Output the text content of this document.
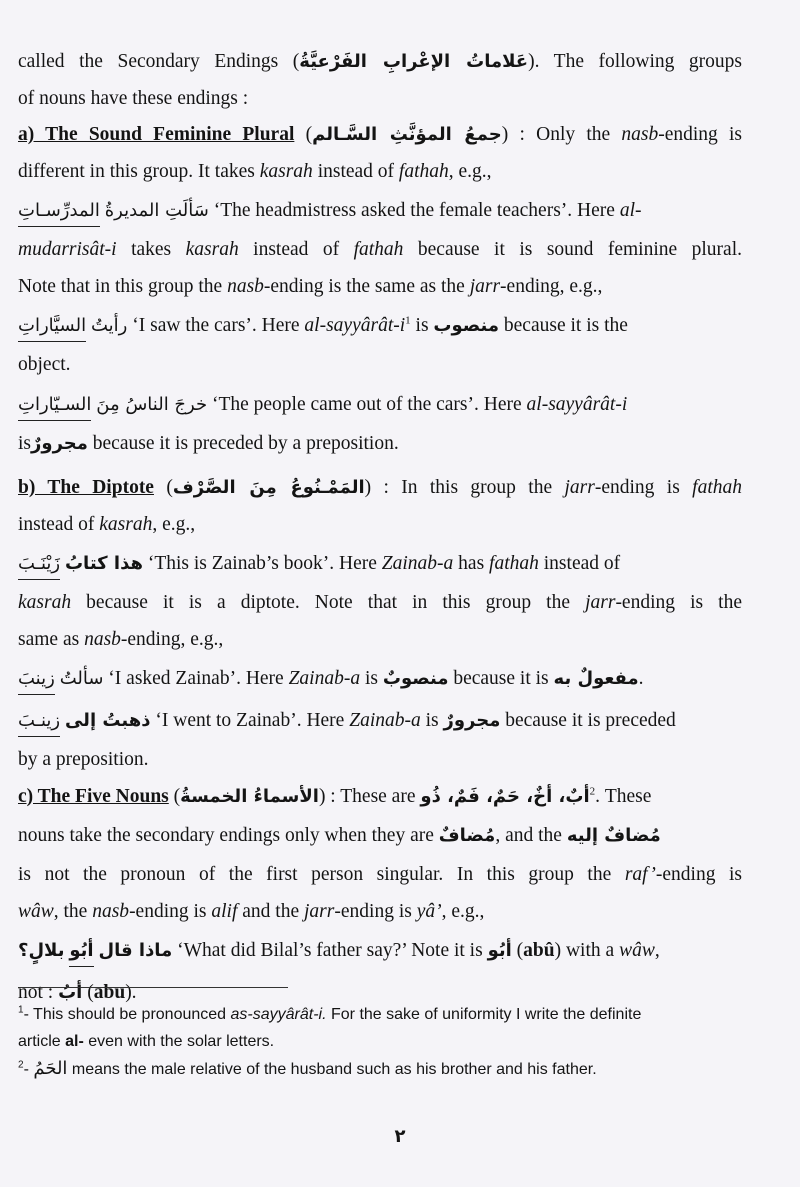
called the Secondary Endings (عَلاماتُ الإعْرابِ الفَرْعيَّةُ). The following groups
of nouns have these endings :
a) The Sound Feminine Plural (جمعُ المؤنَّثِ السَّـالم) : Only the nasb-ending is
different in this group. It takes kasrah instead of fathah, e.g.,
المدرِّسـاتِ سَألَتِ المديرةُ ‘The headmistress asked the female teachers’. Here al-
mudarrisât-i takes kasrah instead of fathah because it is sound feminine plural.
Note that in this group the nasb-ending is the same as the jarr-ending, e.g.,
السيَّاراتِ رأيتُ ‘I saw the cars’. Here $al-sayyârât-i^1$ is منصوب because it is the
object.
السـيّاراتِ خرجَ الناسُ مِنَ ‘The people came out of the cars’. Here al-sayyârât-i
isمجرورٌ because it is preceded by a preposition.
b) The Diptote (المَمْـنُوعُ مِنَ الصَّرْف) : In this group the jarr-ending is fathah
instead of kasrah, e.g.,
زَيْنَـبَ هذا كتابُ ‘This is Zainab’s book’. Here Zainab-a has fathah instead of
kasrah because it is a diptote. Note that in this group the jarr-ending is the
same as nasb-ending, e.g.,
زينبَ سألتُ ‘I asked Zainab’. Here Zainab-a is منصوبٌ because it is مفعولٌ به.
زينـبَ ذهبتُ إلى ‘I went to Zainab’. Here Zainab-a is مجرورٌ because it is preceded
by a preposition.
c) The Five Nouns (الأسماءُ الخمسةُ) : These are أبٌ، أخٌ، حَمٌ، فَمٌ، ذُو$^2$. These
nouns take the secondary endings only when they are مُضافٌ, and the مُضافٌ إليه
is not the pronoun of the first person singular. In this group the raf’-ending is
wâw, the nasb-ending is alif and the jarr-ending is yâ’, e.g.,
بلالٍ؟ أبُو ماذا قال ‘What did Bilal’s father say?’ Note it is أبُو (abû) with a wâw,
not : أبُ (abu).
$^1$- This should be pronounced as-sayyârât-i. For the sake of uniformity I write the definite
article al- even with the solar letters.
$^2$- الحَمُ means the male relative of the husband such as his brother and his father.
٢
